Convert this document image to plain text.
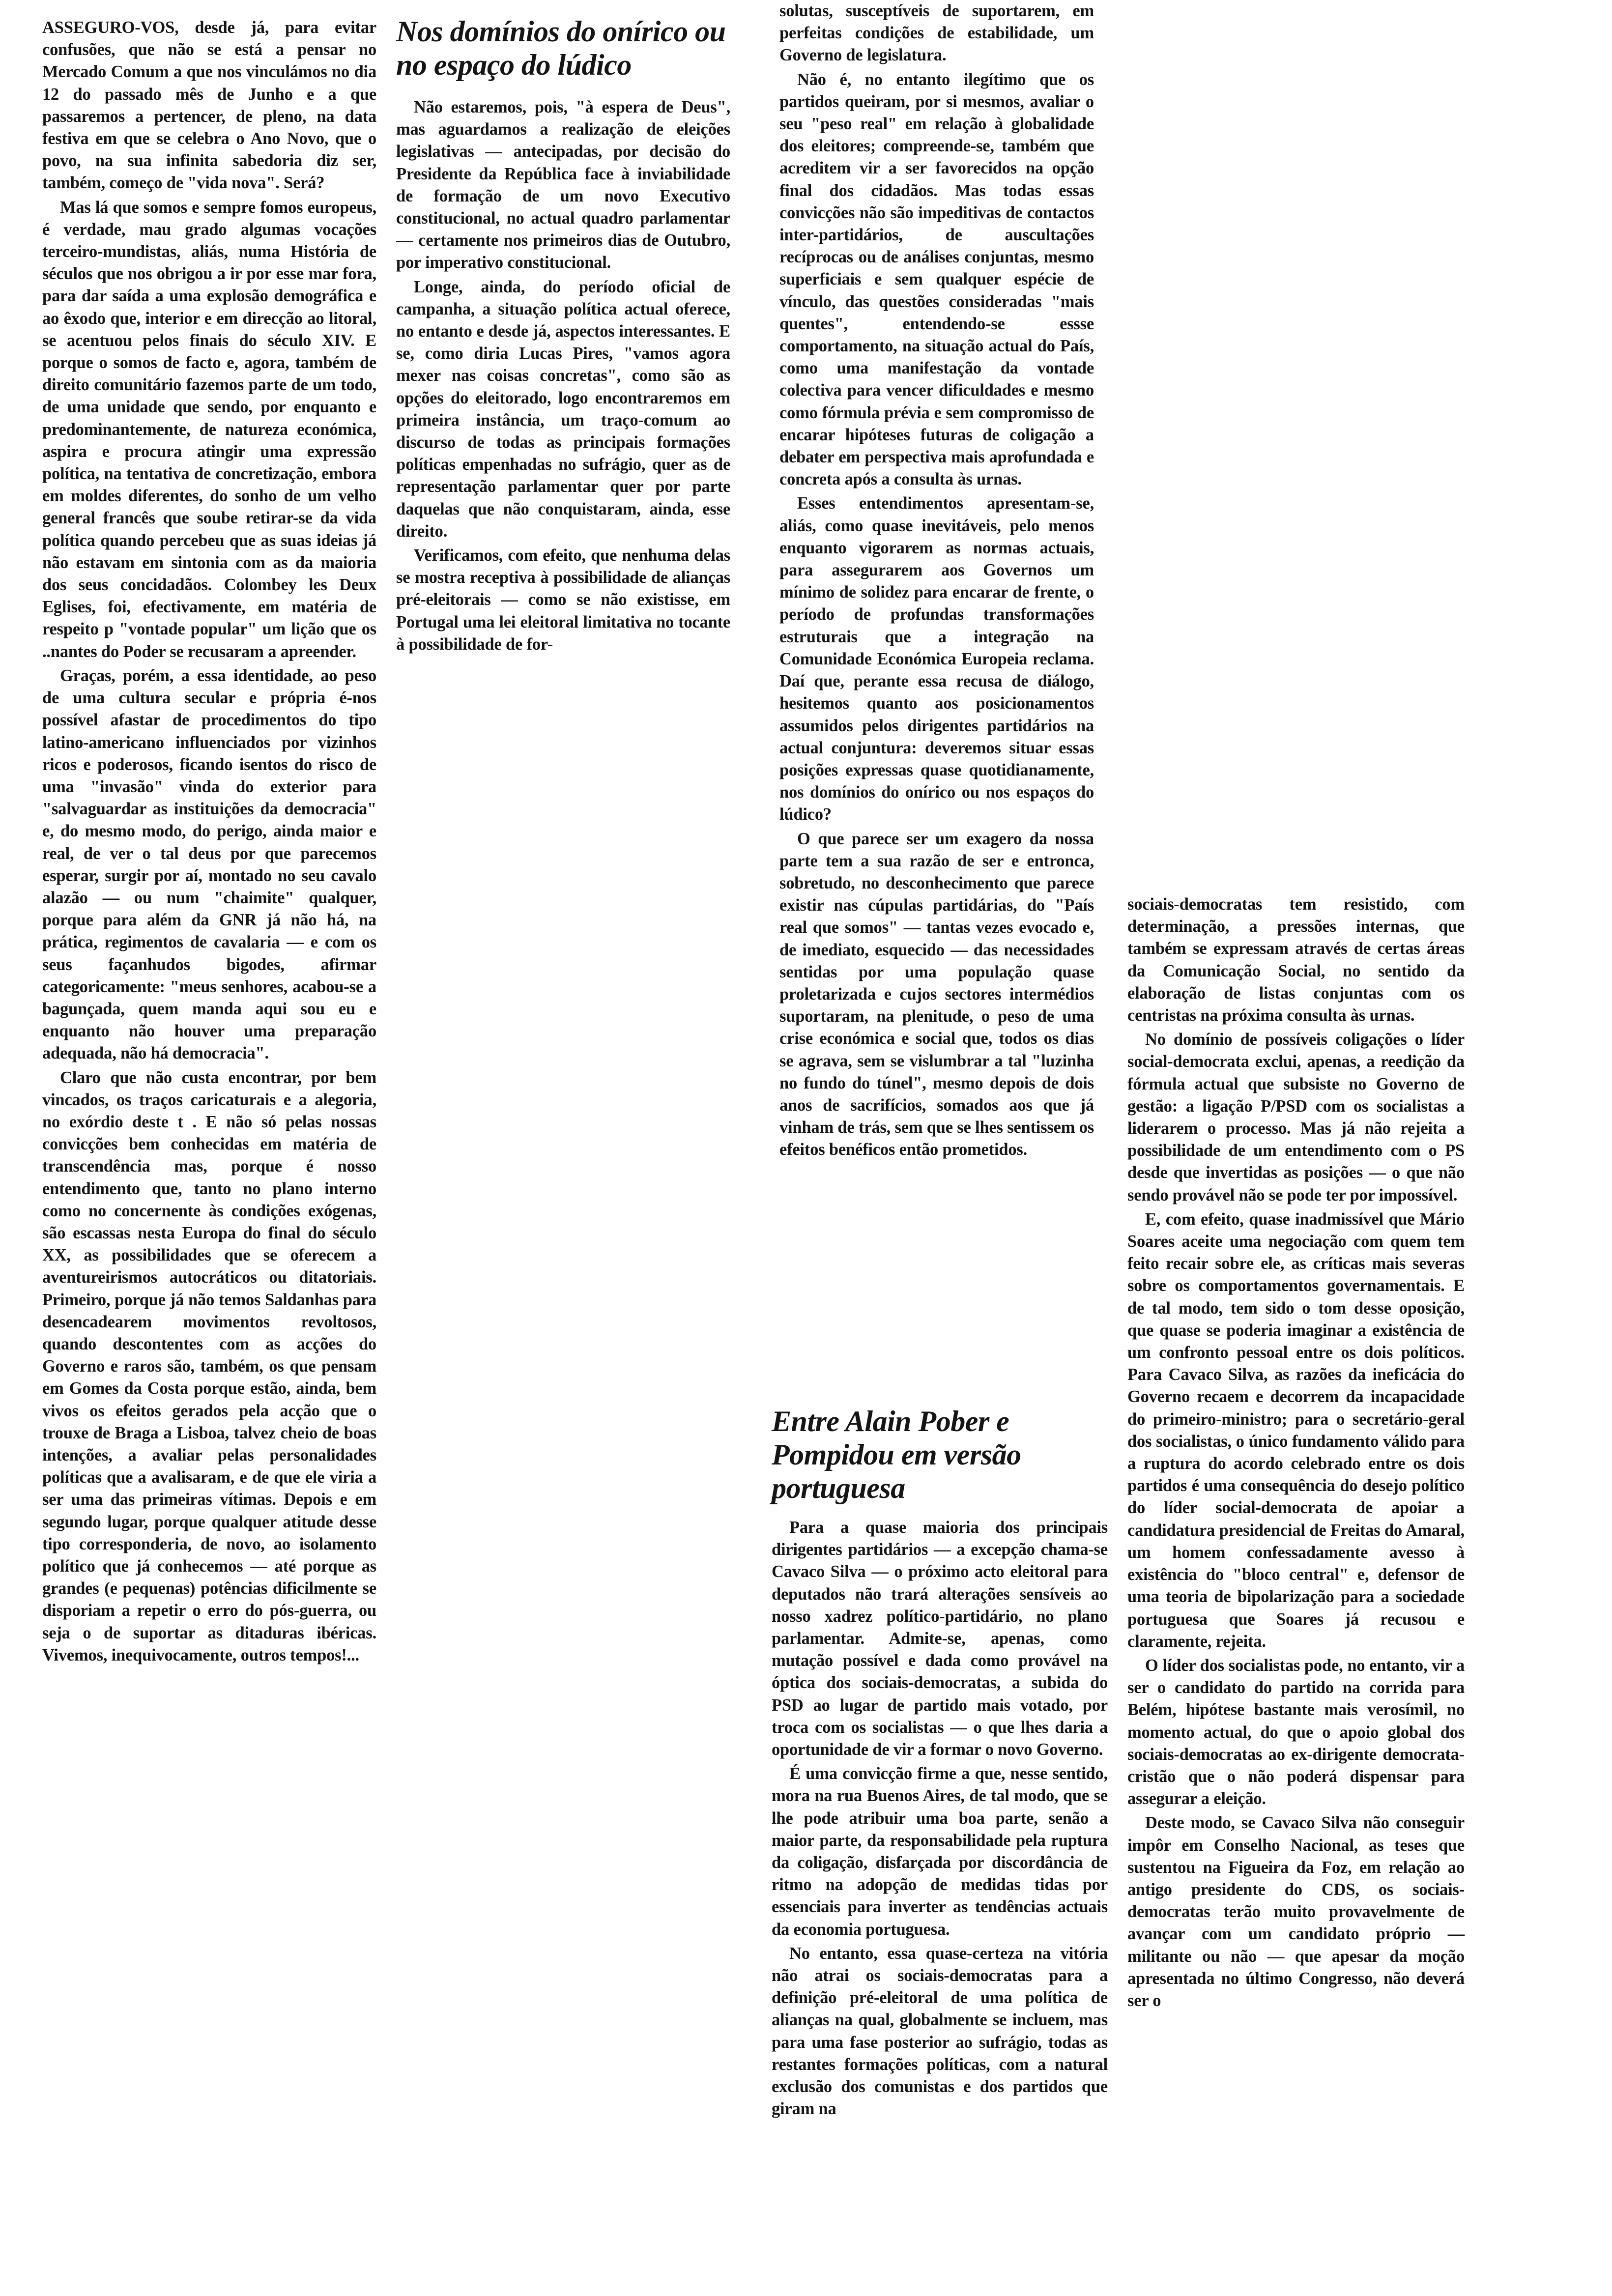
ASSEGURO-VOS, desde já, para evitar confusões, que não se está a pensar no Mercado Comum a que nos vinculámos no dia 12 do passado mês de Junho e a que passaremos a pertencer, de pleno, na data festiva em que se celebra o Ano Novo, que o povo, na sua infinita sabedoria diz ser, também, começo de "vida nova". Será?

Mas lá que somos e sempre fomos europeus, é verdade, mau grado algumas vocações terceiro-mundistas, aliás, numa História de séculos que nos obrigou a ir por esse mar fora, para dar saída a uma explosão demográfica e ao êxodo que, interior e em direcção ao litoral, se acentuou pelos finais do século XIV. E porque o somos de facto e, agora, também de direito comunitário fazemos parte de um todo, de uma unidade que sendo, por enquanto e predominantemente, de natureza económica, aspira e procura atingir uma expressão política, na tentativa de concretização, embora em moldes diferentes, do sonho de um velho general francês que soube retirar-se da vida política quando percebeu que as suas ideias já não estavam em sintonia com as da maioria dos seus concidadãos. Colombey les Deux Eglises, foi, efectivamente, em matéria de respeito p "vontade popular" um lição que os ..nantes do Poder se recusaram a apreender.

Graças, porém, a essa identidade, ao peso de uma cultura secular e própria é-nos possível afastar de procedimentos do tipo latino-americano influenciados por vizinhos ricos e poderosos, ficando isentos do risco de uma "invasão" vinda do exterior para "salvaguardar as instituições da democracia" e, do mesmo modo, do perigo, ainda maior e real, de ver o tal deus por que parecemos esperar, surgir por aí, montado no seu cavalo alazão — ou num "chaimite" qualquer, porque para além da GNR já não há, na prática, regimentos de cavalaria — e com os seus façanhudos bigodes, afirmar categoricamente: "meus senhores, acabou-se a bagunçada, quem manda aqui sou eu e enquanto não houver uma preparação adequada, não há democracia".

Claro que não custa encontrar, por bem vincados, os traços caricaturais e a alegoria, no exórdio deste t . E não só pelas nossas convicções bem conhecidas em matéria de transcendência mas, porque é nosso entendimento que, tanto no plano interno como no concernente às condições exógenas, são escassas nesta Europa do final do século XX, as possibilidades que se oferecem a aventureirismos autocráticos ou ditatoriais. Primeiro, porque já não temos Saldanhas para desencadearem movimentos revoltosos, quando descontentes com as acções do Governo e raros são, também, os que pensam em Gomes da Costa porque estão, ainda, bem vivos os efeitos gerados pela acção que o trouxe de Braga a Lisboa, talvez cheio de boas intenções, a avaliar pelas personalidades políticas que a avalisaram, e de que ele viria a ser uma das primeiras vítimas. Depois e em segundo lugar, porque qualquer atitude desse tipo corresponderia, de novo, ao isolamento político que já conhecemos — até porque as grandes (e pequenas) potências dificilmente se disporiam a repetir o erro do pós-guerra, ou seja o de suportar as ditaduras ibéricas. Vivemos, inequivocamente, outros tempos!...

Nos domínios do onírico ou no espaço do lúdico

Não estaremos, pois, "à espera de Deus", mas aguardamos a realização de eleições legislativas — antecipadas, por decisão do Presidente da República face à inviabilidade de formação de um novo Executivo constitucional, no actual quadro parlamentar — certamente nos primeiros dias de Outubro, por imperativo constitucional.

Longe, ainda, do período oficial de campanha, a situação política actual oferece, no entanto e desde já, aspectos interessantes. E se, como diria Lucas Pires, "vamos agora mexer nas coisas concretas", como são as opções do eleitorado, logo encontraremos em primeira instância, um traço-comum ao discurso de todas as principais formações políticas empenhadas no sufrágio, quer as de representação parlamentar quer por parte daquelas que não conquistaram, ainda, esse direito.

Verificamos, com efeito, que nenhuma delas se mostra receptiva à possibilidade de alianças pré-eleitorais — como se não existisse, em Portugal uma lei eleitoral limitativa no tocante à possibilidade de for-

solutas, susceptíveis de suportarem, em perfeitas condições de estabilidade, um Governo de legislatura.

Não é, no entanto ilegítimo que os partidos queiram, por si mesmos, avaliar o seu "peso real" em relação à globalidade dos eleitores; compreende-se, também que acreditem vir a ser favorecidos na opção final dos cidadãos. Mas todas essas convicções não são impeditivas de contactos inter-partidários, de auscultações recíprocas ou de análises conjuntas, mesmo superficiais e sem qualquer espécie de vínculo, das questões consideradas "mais quentes", entendendo-se essse comportamento, na situação actual do País, como uma manifestação da vontade colectiva para vencer dificuldades e mesmo como fórmula prévia e sem compromisso de encarar hipóteses futuras de coligação a debater em perspectiva mais aprofundada e concreta após a consulta às urnas.

Esses entendimentos apresentam-se, aliás, como quase inevitáveis, pelo menos enquanto vigorarem as normas actuais, para assegurarem aos Governos um mínimo de solidez para encarar de frente, o período de profundas transformações estruturais que a integração na Comunidade Económica Europeia reclama. Daí que, perante essa recusa de diálogo, hesitemos quanto aos posicionamentos assumidos pelos dirigentes partidários na actual conjuntura: deveremos situar essas posições expressas quase quotidianamente, nos domínios do onírico ou nos espaços do lúdico?

O que parece ser um exagero da nossa parte tem a sua razão de ser e entronca, sobretudo, no desconhecimento que parece existir nas cúpulas partidárias, do "País real que somos" — tantas vezes evocado e, de imediato, esquecido — das necessidades sentidas por uma população quase proletarizada e cujos sectores intermédios suportaram, na plenitude, o peso de uma crise económica e social que, todos os dias se agrava, sem se vislumbrar a tal "luzinha no fundo do túnel", mesmo depois de dois anos de sacrifícios, somados aos que já vinham de trás, sem que se lhes sentissem os efeitos benéficos então prometidos.

Entre Alain Pober e Pompidou em versão portuguesa

Para a quase maioria dos principais dirigentes partidários — a excepção chama-se Cavaco Silva — o próximo acto eleitoral para deputados não trará alterações sensíveis ao nosso xadrez político-partidário, no plano parlamentar. Admite-se, apenas, como mutação possível e dada como provável na óptica dos sociais-democratas, a subida do PSD ao lugar de partido mais votado, por troca com os socialistas — o que lhes daria a oportunidade de vir a formar o novo Governo.

É uma convicção firme a que, nesse sentido, mora na rua Buenos Aires, de tal modo, que se lhe pode atribuir uma boa parte, senão a maior parte, da responsabilidade pela ruptura da coligação, disfarçada por discordância de ritmo na adopção de medidas tidas por essenciais para inverter as tendências actuais da economia portuguesa.

No entanto, essa quase-certeza na vitória não atrai os sociais-democratas para a definição pré-eleitoral de uma política de alianças na qual, globalmente se incluem, mas para uma fase posterior ao sufrágio, todas as restantes formações políticas, com a natural exclusão dos comunistas e dos partidos que giram na

sociais-democratas tem resistido, com determinação, a pressões internas, que também se expressam através de certas áreas da Comunicação Social, no sentido da elaboração de listas conjuntas com os centristas na próxima consulta às urnas.

No domínio de possíveis coligações o líder social-democrata exclui, apenas, a reedição da fórmula actual que subsiste no Governo de gestão: a ligação P/PSD com os socialistas a liderarem o processo. Mas já não rejeita a possibilidade de um entendimento com o PS desde que invertidas as posições — o que não sendo provável não se pode ter por impossível.

E, com efeito, quase inadmissível que Mário Soares aceite uma negociação com quem tem feito recair sobre ele, as críticas mais severas sobre os comportamentos governamentais. E de tal modo, tem sido o tom desse oposição, que quase se poderia imaginar a existência de um confronto pessoal entre os dois políticos. Para Cavaco Silva, as razões da ineficácia do Governo recaem e decorrem da incapacidade do primeiro-ministro; para o secretário-geral dos socialistas, o único fundamento válido para a ruptura do acordo celebrado entre os dois partidos é uma consequência do desejo político do líder social-democrata de apoiar a candidatura presidencial de Freitas do Amaral, um homem confessadamente avesso à existência do "bloco central" e, defensor de uma teoria de bipolarização para a sociedade portuguesa que Soares já recusou e claramente, rejeita.

O líder dos socialistas pode, no entanto, vir a ser o candidato do partido na corrida para Belém, hipótese bastante mais verosímil, no momento actual, do que o apoio global dos sociais-democratas ao ex-dirigente democrata-cristão que o não poderá dispensar para assegurar a eleição.

Deste modo, se Cavaco Silva não conseguir impôr em Conselho Nacional, as teses que sustentou na Figueira da Foz, em relação ao antigo presidente do CDS, os sociais-democratas terão muito provavelmente de avançar com um candidato próprio — militante ou não — que apesar da moção apresentada no último Congresso, não deverá ser o
